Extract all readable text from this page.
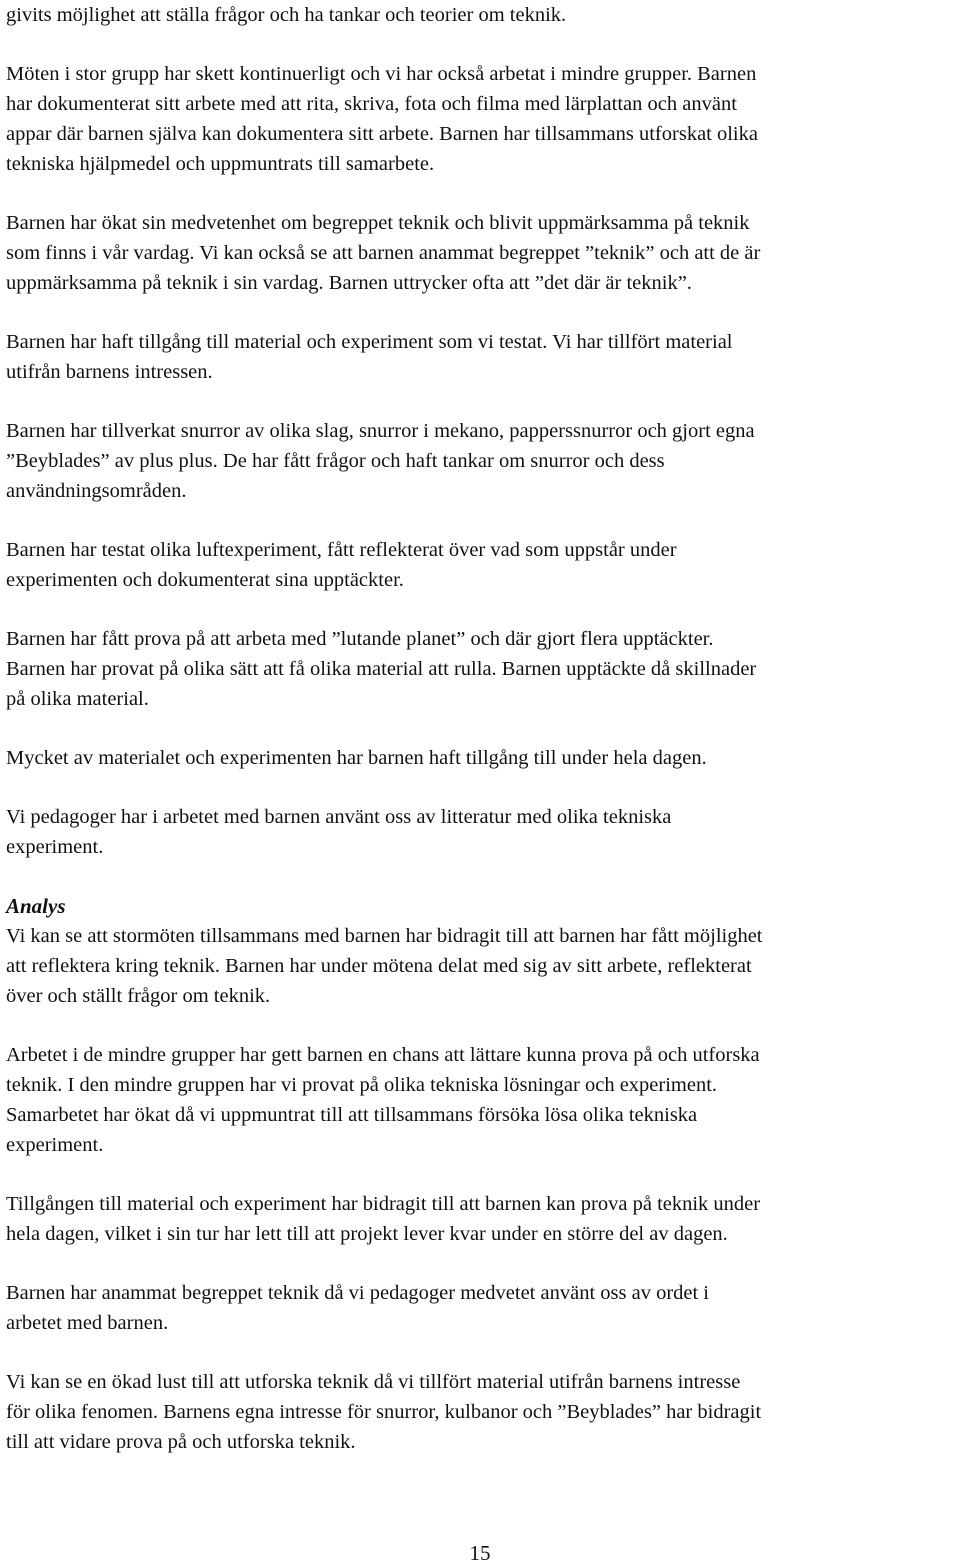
givits möjlighet att ställa frågor och ha tankar och teorier om teknik.

Möten i stor grupp har skett kontinuerligt och vi har också arbetat i mindre grupper. Barnen
har dokumenterat sitt arbete med att rita, skriva, fota och filma med lärplattan och använt
appar där barnen själva kan dokumentera sitt arbete. Barnen har tillsammans utforskat olika
tekniska hjälpmedel och uppmuntrats till samarbete.

Barnen har ökat sin medvetenhet om begreppet teknik och blivit uppmärksamma på teknik
som finns i vår vardag. Vi kan också se att barnen anammat begreppet ”teknik” och att de är
uppmärksamma på teknik i sin vardag. Barnen uttrycker ofta att ”det där är teknik”.

Barnen har haft tillgång till material och experiment som vi testat. Vi har tillfört material
utifrån barnens intressen.

Barnen har tillverkat snurror av olika slag, snurror i mekano, papperssnurror och gjort egna
”Beyblades” av plus plus. De har fått frågor och haft tankar om snurror och dess
användningsområden.

Barnen har testat olika luftexperiment, fått reflekterat över vad som uppstår under
experimenten och dokumenterat sina upptäckter.

Barnen har fått prova på att arbeta med ”lutande planet” och där gjort flera upptäckter.
Barnen har provat på olika sätt att få olika material att rulla. Barnen upptäckte då skillnader
på olika material.

Mycket av materialet och experimenten har barnen haft tillgång till under hela dagen.

Vi pedagoger har i arbetet med barnen använt oss av litteratur med olika tekniska
experiment.

Analys

Vi kan se att stormöten tillsammans med barnen har bidragit till att barnen har fått möjlighet
att reflektera kring teknik. Barnen har under mötena delat med sig av sitt arbete, reflekterat
över och ställt frågor om teknik.

Arbetet i de mindre grupper har gett barnen en chans att lättare kunna prova på och utforska
teknik. I den mindre gruppen har vi provat på olika tekniska lösningar och experiment.
Samarbetet har ökat då vi uppmuntrat till att tillsammans försöka lösa olika tekniska
experiment.

Tillgången till material och experiment har bidragit till att barnen kan prova på teknik under
hela dagen, vilket i sin tur har lett till att projekt lever kvar under en större del av dagen.

Barnen har anammat begreppet teknik då vi pedagoger medvetet använt oss av ordet i
arbetet med barnen.

Vi kan se en ökad lust till att utforska teknik då vi tillfört material utifrån barnens intresse
för olika fenomen. Barnens egna intresse för snurror, kulbanor och ”Beyblades” har bidragit
till att vidare prova på och utforska teknik.

15
